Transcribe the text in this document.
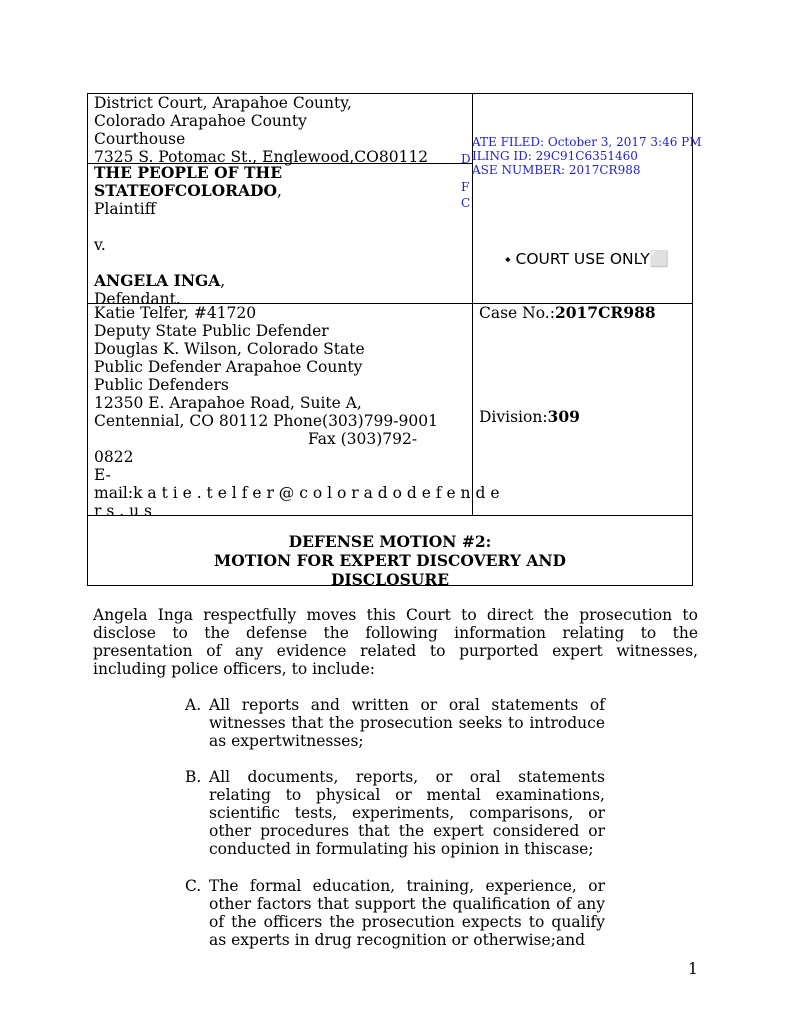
District Court, Arapahoe County,
Colorado Arapahoe County
Courthouse
7325 S. Potomac St., Englewood,CO80112
THE PEOPLE OF THE
STATEOFCOLORADO,
Plaintiff
v.
ANGELA INGA,
Defendant.
D
F
C
ATE FILED: October 3, 2017 3:46 PM
ILING ID: 29C91C6351460
ASE NUMBER: 2017CR988
⬩ COURT USE ONLY⬜
Katie Telfer, #41720
Deputy State Public Defender
Douglas K. Wilson, Colorado State
Public Defender Arapahoe County
Public Defenders
12350 E. Arapahoe Road, Suite A,
Centennial, CO 80112 Phone(303)799-9001
Fax (303)792-
0822
E-
mail:k a t i e . t e l f e r @ c o l o r a d o d e f e n d e
r s . u s
Case No.:2017CR988
Division:309
DEFENSE MOTION #2:
MOTION FOR EXPERT DISCOVERY AND
DISCLOSURE
Angela Inga respectfully moves this Court to direct the prosecution to disclose to the defense the following information relating to the presentation of any evidence related to purported expert witnesses, including police officers, to include:
A. All reports and written or oral statements of witnesses that the prosecution seeks to introduce as expertwitnesses;
B. All documents, reports, or oral statements relating to physical or mental examinations, scientific tests, experiments, comparisons, or other procedures that the expert considered or conducted in formulating his opinion in thiscase;
C. The formal education, training, experience, or other factors that support the qualification of any of the officers the prosecution expects to qualify as experts in drug recognition or otherwise;and
1
